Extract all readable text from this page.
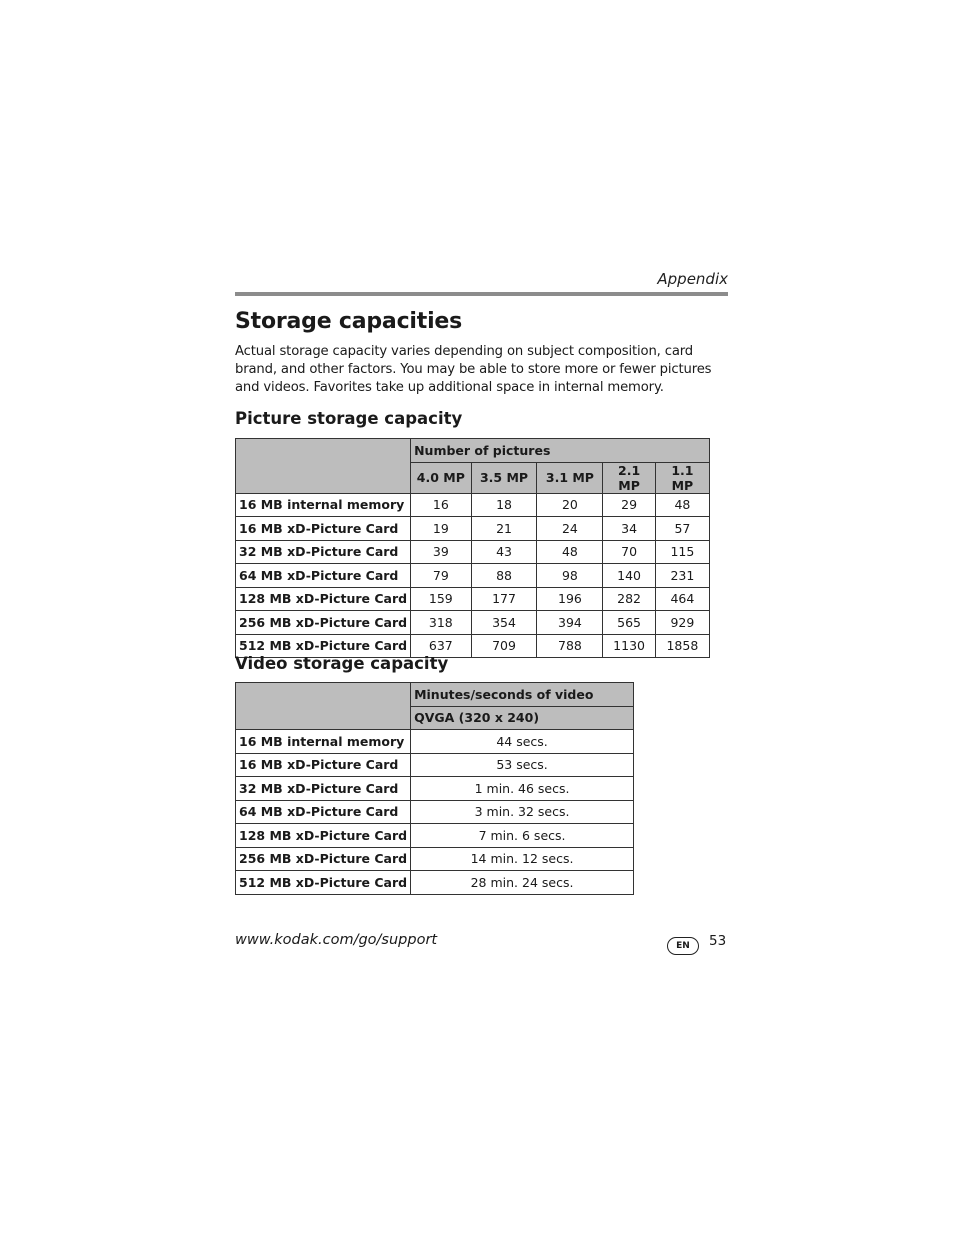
Appendix
Storage capacities

Actual storage capacity varies depending on subject composition, card brand, and other factors. You may be able to store more or fewer pictures and videos. Favorites take up additional space in internal memory.

Picture storage capacity
	Number of pictures				
	4.0 MP	3.5 MP	3.1 MP	2.1 MP	1.1 MP
16 MB internal memory	16	18	20	29	48
16 MB xD-Picture Card	19	21	24	34	57
32 MB xD-Picture Card	39	43	48	70	115
64 MB xD-Picture Card	79	88	98	140	231
128 MB xD-Picture Card	159	177	196	282	464
256 MB xD-Picture Card	318	354	394	565	929
512 MB xD-Picture Card	637	709	788	1130	1858
Video storage capacity
	Minutes/seconds of video
	QVGA (320 x 240)
16 MB internal memory	44 secs.
16 MB xD-Picture Card	53 secs.
32 MB xD-Picture Card	1 min. 46 secs.
64 MB xD-Picture Card	3 min. 32 secs.
128 MB xD-Picture Card	7 min. 6 secs.
256 MB xD-Picture Card	14 min. 12 secs.
512 MB xD-Picture Card	28 min. 24 secs.
www.kodak.com/go/support	EN	53
